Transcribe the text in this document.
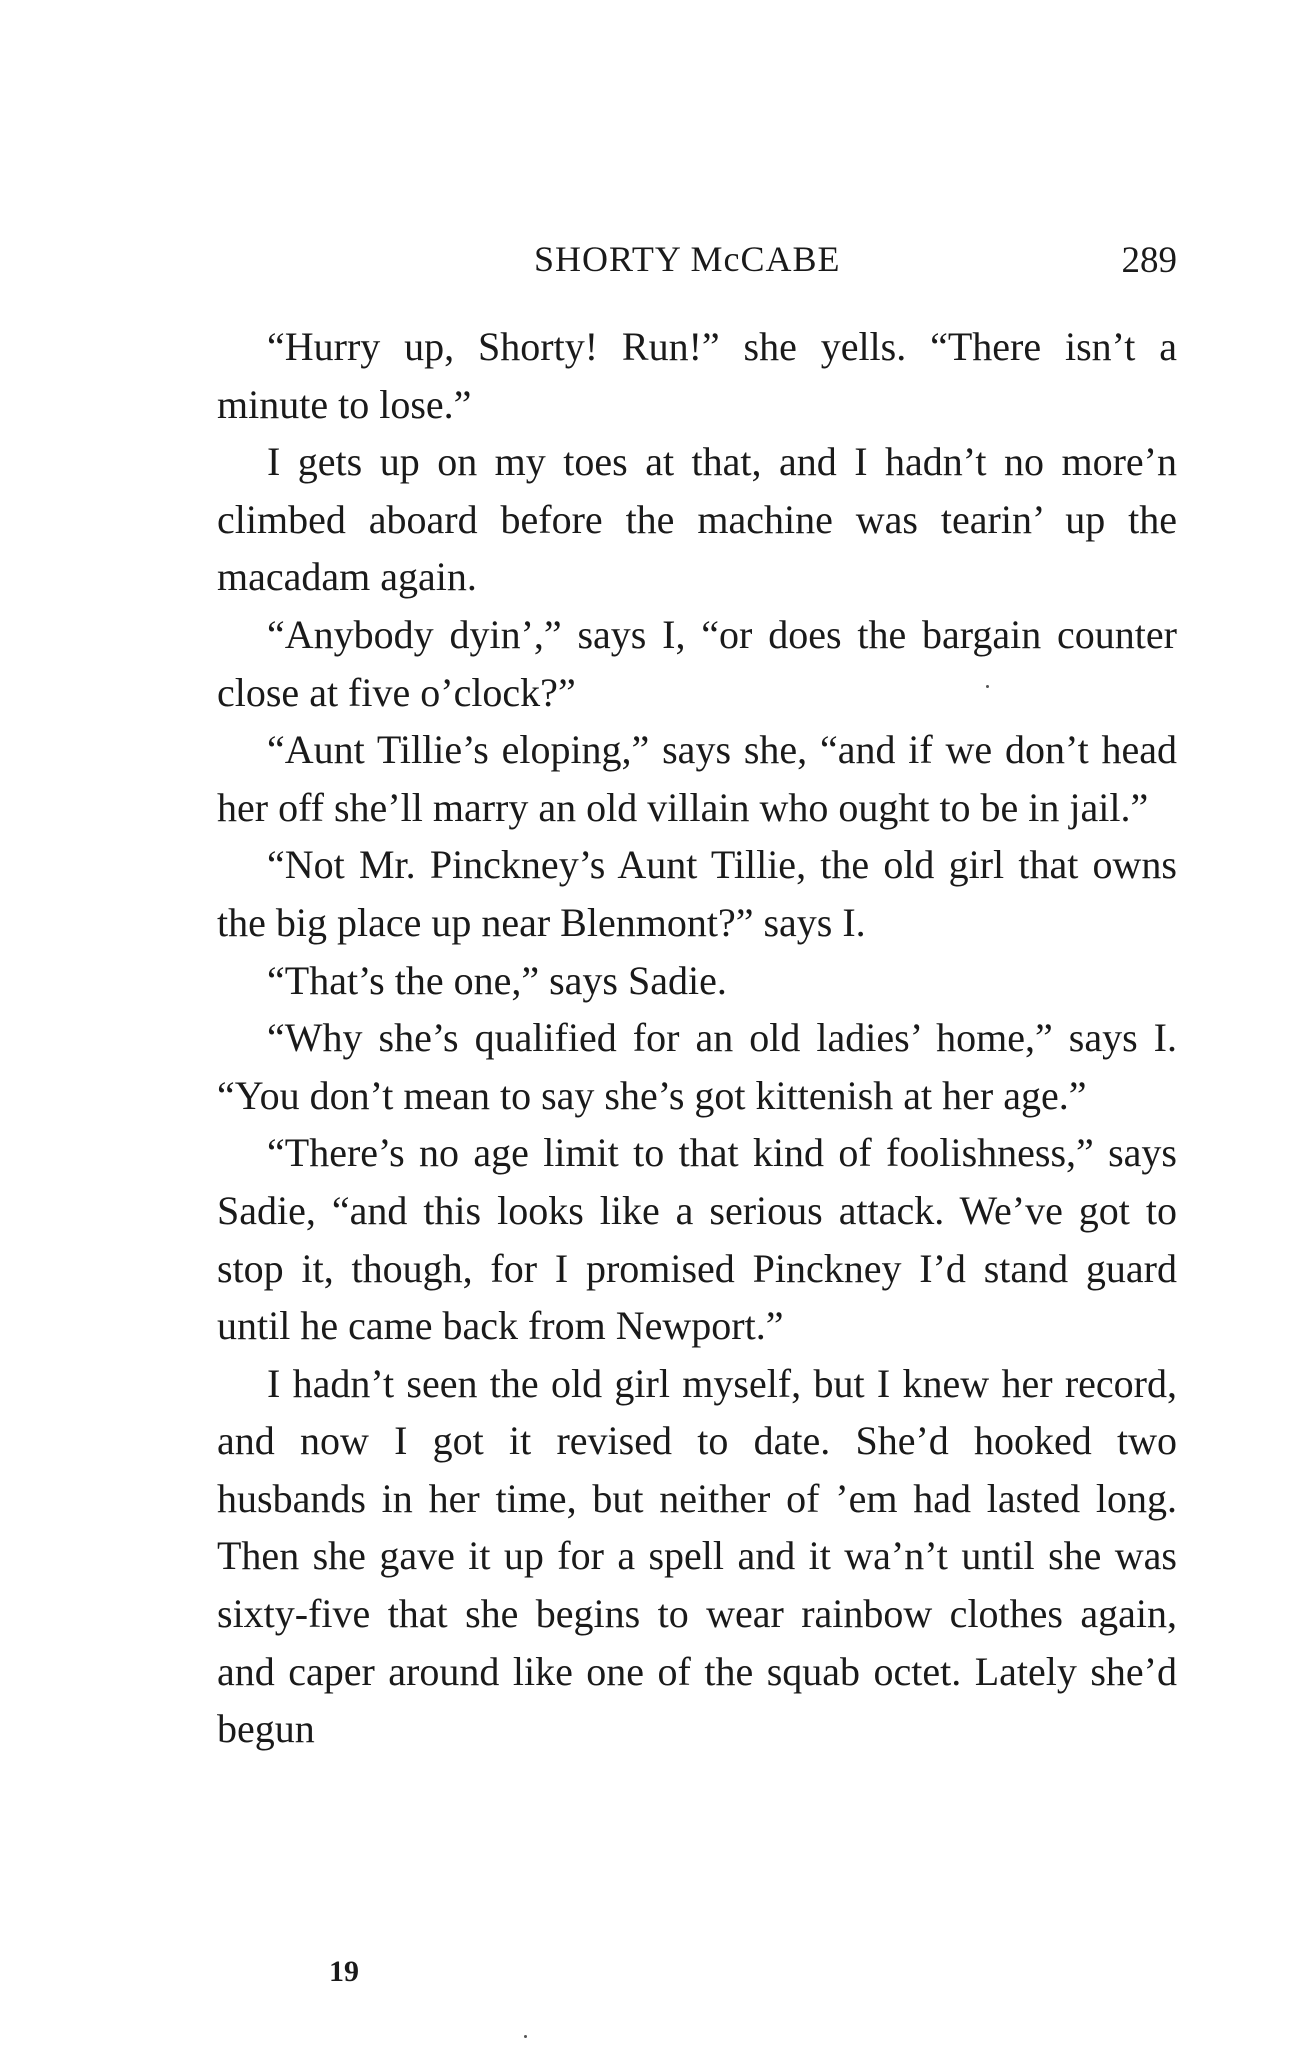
SHORTY McCABE	289

“Hurry up, Shorty! Run!” she yells. “There isn’t a minute to lose.”

I gets up on my toes at that, and I hadn’t no more’n climbed aboard before the machine was tearin’ up the macadam again.

“Anybody dyin’,” says I, “or does the bargain counter close at five o’clock?”

“Aunt Tillie’s eloping,” says she, “and if we don’t head her off she’ll marry an old villain who ought to be in jail.”

“Not Mr. Pinckney’s Aunt Tillie, the old girl that owns the big place up near Blenmont?” says I.

“That’s the one,” says Sadie.

“Why she’s qualified for an old ladies’ home,” says I. “You don’t mean to say she’s got kittenish at her age.”

“There’s no age limit to that kind of foolishness,” says Sadie, “and this looks like a serious attack. We’ve got to stop it, though, for I promised Pinckney I’d stand guard until he came back from Newport.”

I hadn’t seen the old girl myself, but I knew her record, and now I got it revised to date. She’d hooked two husbands in her time, but neither of ’em had lasted long. Then she gave it up for a spell and it wa’n’t until she was sixty-five that she begins to wear rainbow clothes again, and caper around like one of the squab octet. Lately she’d begun

19
